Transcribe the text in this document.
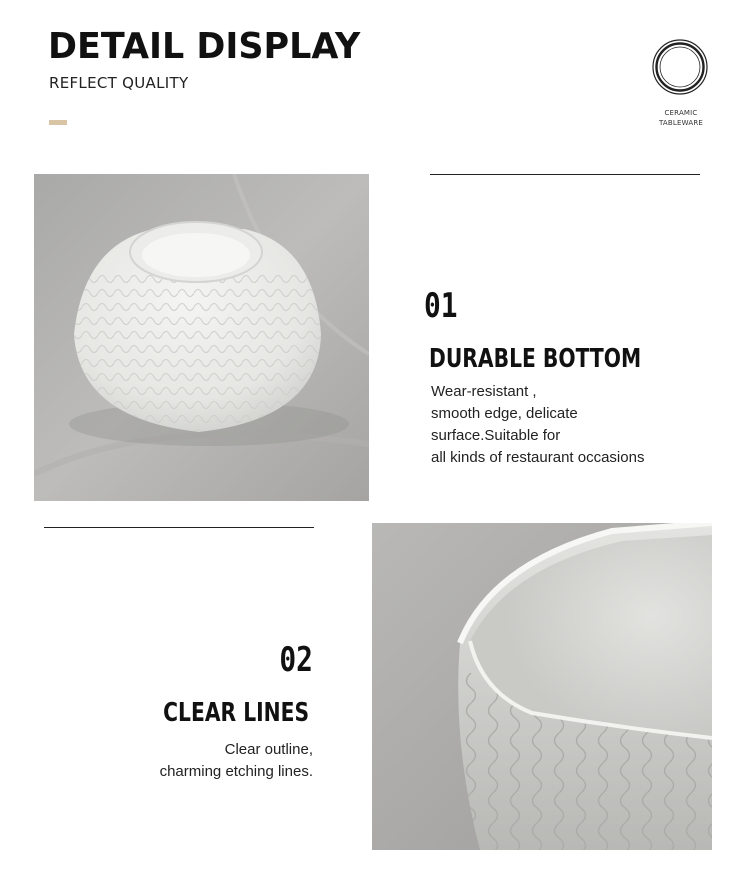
DETAIL DISPLAY
REFLECT QUALITY
CERAMIC
TABLEWARE
01
DURABLE BOTTOM
Wear-resistant ,
smooth edge, delicate
surface.Suitable for
all kinds of restaurant occasions
02
CLEAR LINES
Clear outline,
charming etching lines.
